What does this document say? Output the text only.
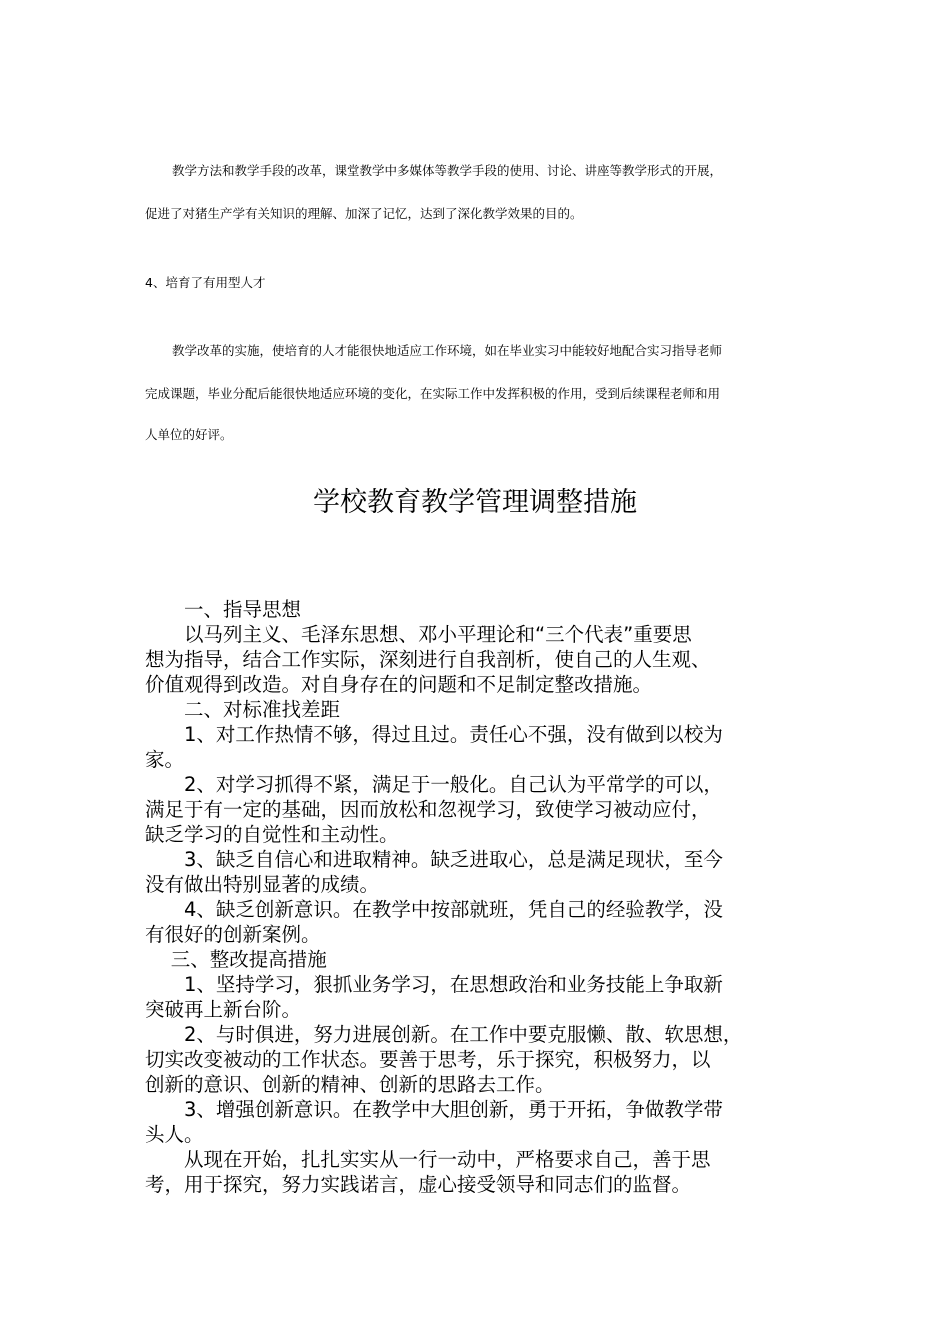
教学方法和教学手段的改革，课堂教学中多媒体等教学手段的使用、讨论、讲座等教学形式的开展，
促进了对猪生产学有关知识的理解、加深了记忆，达到了深化教学效果的目的。
4、培育了有用型人才
教学改革的实施，使培育的人才能很快地适应工作环境，如在毕业实习中能较好地配合实习指导老师
完成课题，毕业分配后能很快地适应环境的变化，在实际工作中发挥积极的作用，受到后续课程老师和用
人单位的好评。
学校教育教学管理调整措施
　　一、指导思想
　　以马列主义、毛泽东思想、邓小平理论和“三个代表”重要思
想为指导，结合工作实际，深刻进行自我剖析，使自己的人生观、
价值观得到改造。对自身存在的问题和不足制定整改措施。
　　二、对标准找差距
　　1、对工作热情不够，得过且过。责任心不强，没有做到以校为
家。
　　2、对学习抓得不紧，满足于一般化。自己认为平常学的可以，
满足于有一定的基础，因而放松和忽视学习，致使学习被动应付，
缺乏学习的自觉性和主动性。
　　3、缺乏自信心和进取精神。缺乏进取心，总是满足现状，至今
没有做出特别显著的成绩。
　　4、缺乏创新意识。在教学中按部就班，凭自己的经验教学，没
有很好的创新案例。
　 三、整改提高措施
　　1、坚持学习，狠抓业务学习，在思想政治和业务技能上争取新
突破再上新台阶。
　　2、与时俱进，努力进展创新。在工作中要克服懒、散、软思想，
切实改变被动的工作状态。要善于思考，乐于探究，积极努力，以
创新的意识、创新的精神、创新的思路去工作。
　　3、增强创新意识。在教学中大胆创新，勇于开拓，争做教学带
头人。
　　从现在开始，扎扎实实从一行一动中，严格要求自己，善于思
考，用于探究，努力实践诺言，虚心接受领导和同志们的监督。
